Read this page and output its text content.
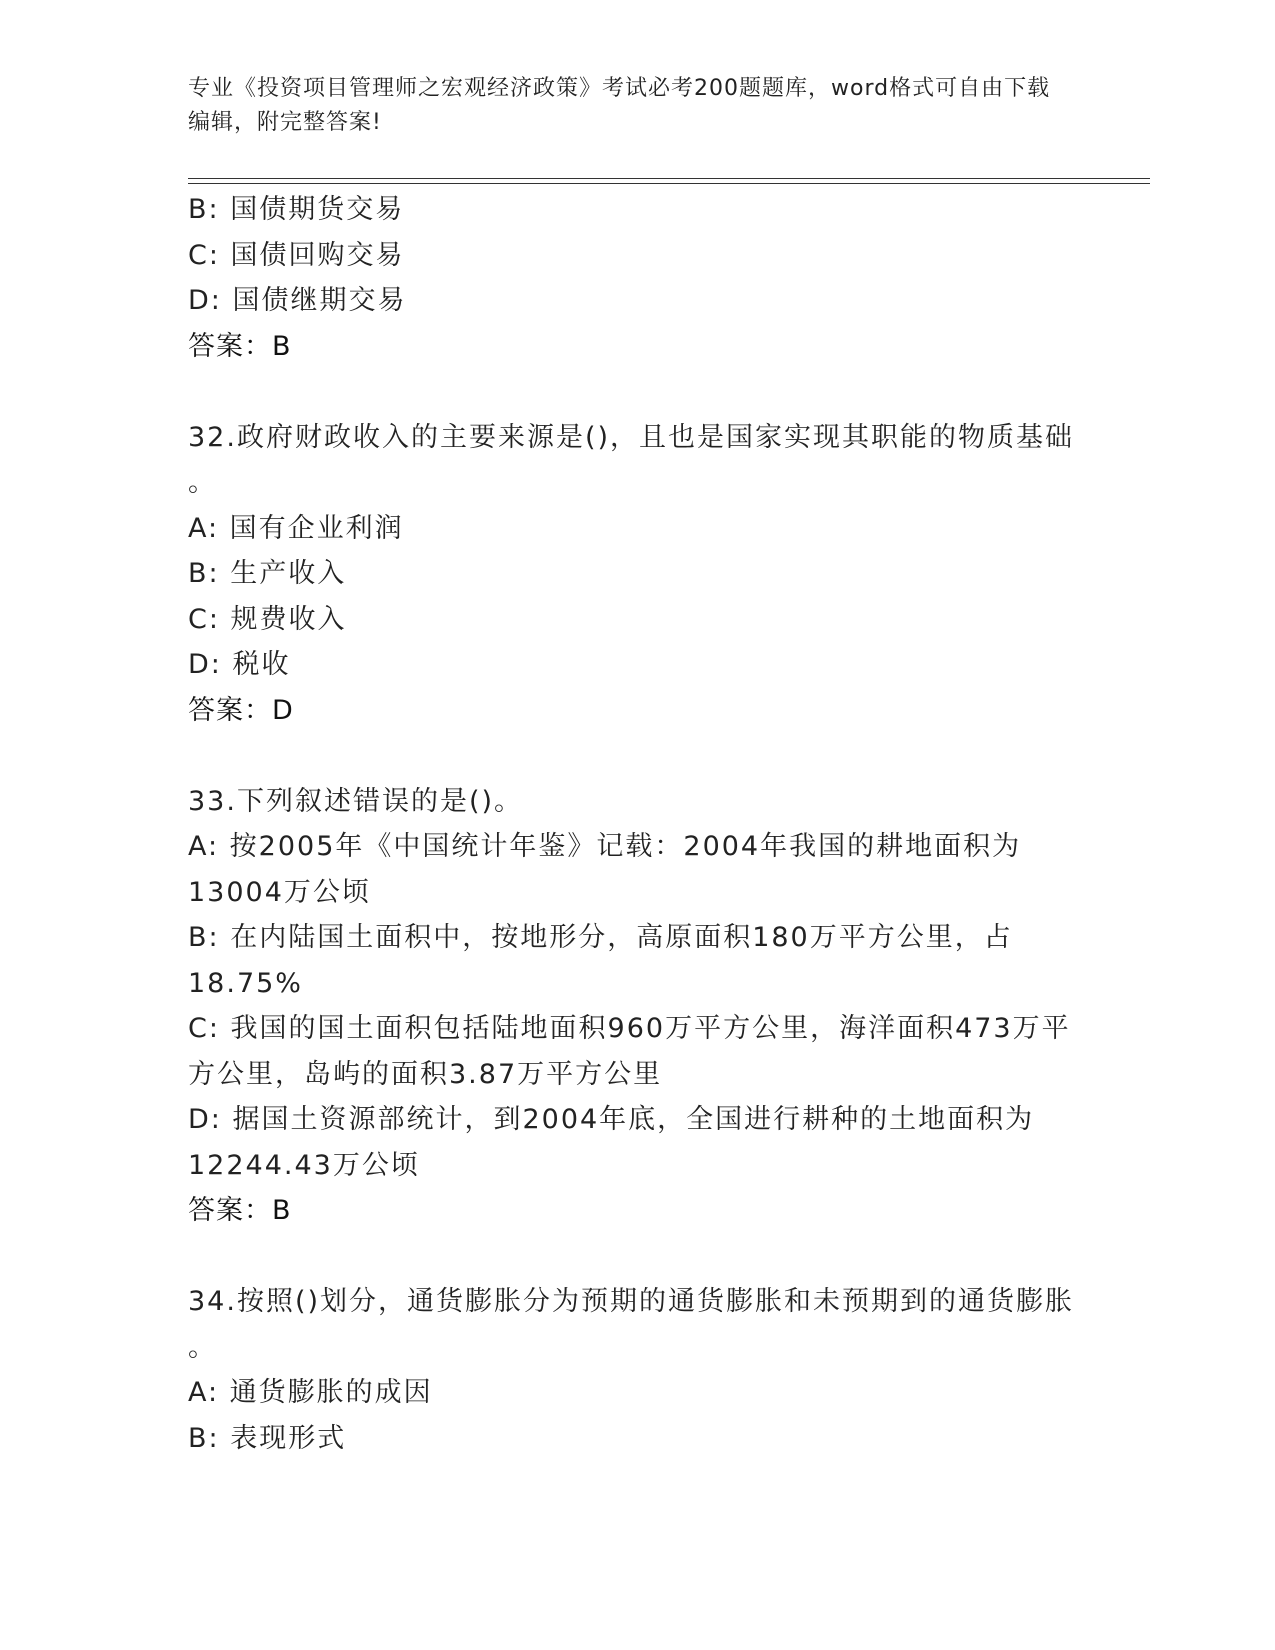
专业《投资项目管理师之宏观经济政策》考试必考200题题库，word格式可自由下载编辑，附完整答案!
B: 国债期货交易
C: 国债回购交易
D: 国债继期交易
答案：B
32.政府财政收入的主要来源是()，且也是国家实现其职能的物质基础
。
A: 国有企业利润
B: 生产收入
C: 规费收入
D: 税收
答案：D
33.下列叙述错误的是()。
A: 按2005年《中国统计年鉴》记载：2004年我国的耕地面积为
13004万公顷
B: 在内陆国土面积中，按地形分，高原面积180万平方公里，占
18.75%
C: 我国的国土面积包括陆地面积960万平方公里，海洋面积473万平
方公里，岛屿的面积3.87万平方公里
D: 据国土资源部统计，到2004年底，全国进行耕种的土地面积为
12244.43万公顷
答案：B
34.按照()划分，通货膨胀分为预期的通货膨胀和未预期到的通货膨胀
。
A: 通货膨胀的成因
B: 表现形式
